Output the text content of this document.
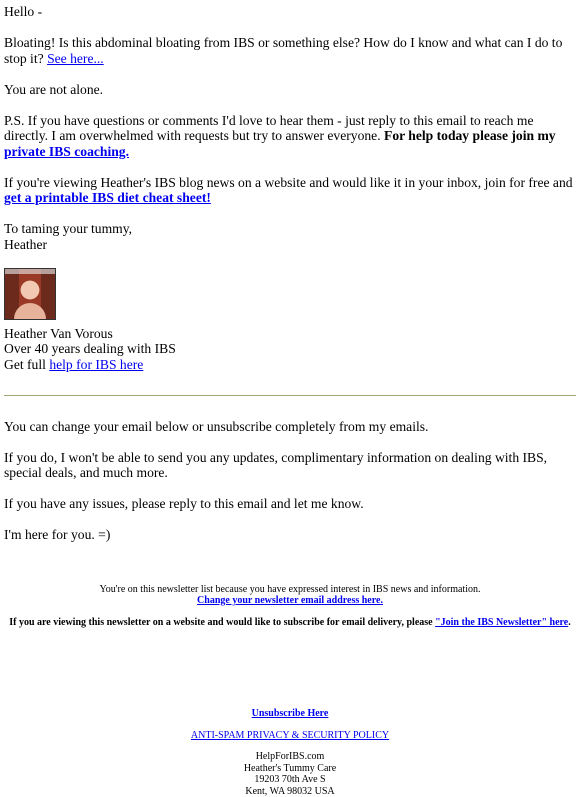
Hello -

Bloating! Is this abdominal bloating from IBS or something else? How do I know and what can I do to stop it? See here...

You are not alone.

P.S. If you have questions or comments I'd love to hear them - just reply to this email to reach me directly. I am overwhelmed with requests but try to answer everyone. For help today please join my private IBS coaching.

If you're viewing Heather's IBS blog news on a website and would like it in your inbox, join for free and get a printable IBS diet cheat sheet!

To taming your tummy,

Heather

Heather Van Vorous

Over 40 years dealing with IBS

Get full help for IBS here

You can change your email below or unsubscribe completely from my emails.

If you do, I won't be able to send you any updates, complimentary information on dealing with IBS, special deals, and much more.

If you have any issues, please reply to this email and let me know.

I'm here for you. =)

You're on this newsletter list because you have expressed interest in IBS news and information.

Change your newsletter email address here.

If you are viewing this newsletter on a website and would like to subscribe for email delivery, please "Join the IBS Newsletter" here.

Unsubscribe Here

ANTI-SPAM PRIVACY & SECURITY POLICY

HelpForIBS.com

Heather's Tummy Care

19203 70th Ave S

Kent, WA 98032 USA
